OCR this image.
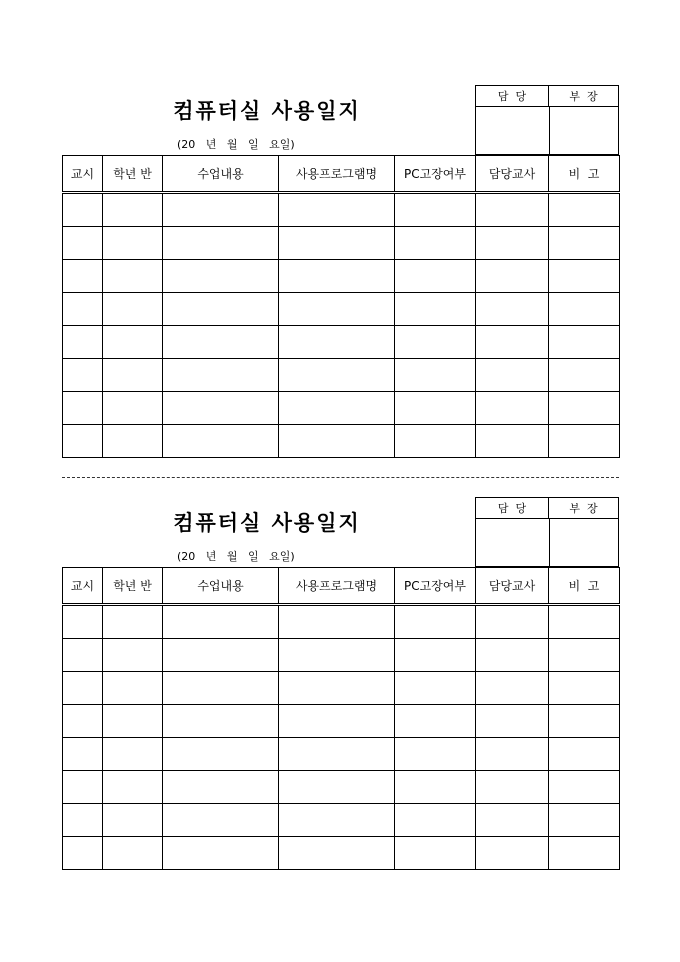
컴퓨터실 사용일지
(20   년   월   일   요일)
담  당	부  장
교시	학년 반	수업내용	사용프로그램명	PC고장여부	담당교사	비  고

컴퓨터실 사용일지
(20   년   월   일   요일)
담  당	부  장
교시	학년 반	수업내용	사용프로그램명	PC고장여부	담당교사	비  고
